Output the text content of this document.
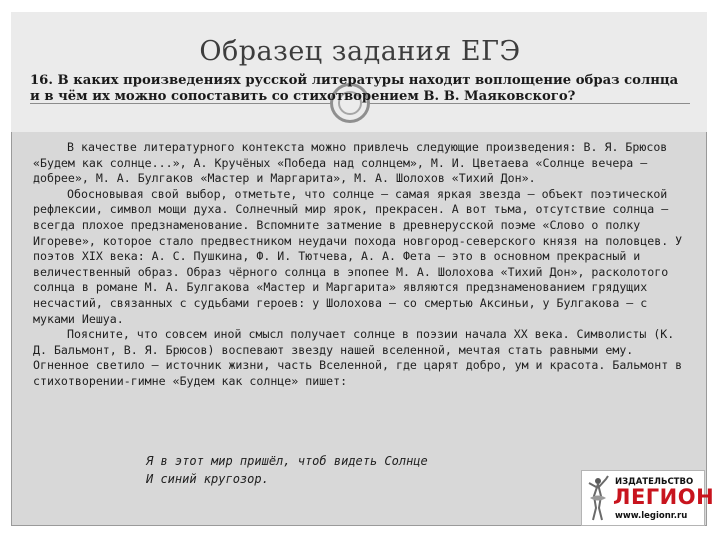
Образец задания ЕГЭ

16. В каких произведениях русской литературы находит воплощение образ солнца и в чём их можно сопоставить со стихотворением В. В. Маяковского?

В качестве литературного контекста можно привлечь следующие произведения: В. Я. Брюсов «Будем как солнце...», А. Кручёных «Победа над солнцем», М. И. Цветаева «Солнце вечера – добрее», М. А. Булгаков «Мастер и Маргарита», М. А. Шолохов «Тихий Дон».

Обосновывая свой выбор, отметьте, что солнце – самая яркая звезда – объект поэтической рефлексии, символ мощи духа. Солнечный мир ярок, прекрасен. А вот тьма, отсутствие солнца – всегда плохое предзнаменование. Вспомните затмение в древнерусской поэме «Слово о полку Игореве», которое стало предвестником неудачи похода новгород-северского князя на половцев. У поэтов XIX века: А. С. Пушкина, Ф. И. Тютчева, А. А. Фета – это в основном прекрасный и величественный образ. Образ чёрного солнца в эпопее М. А. Шолохова «Тихий Дон», расколотого солнца в романе М. А. Булгакова «Мастер и Маргарита» являются предзнаменованием грядущих несчастий, связанных с судьбами героев: у Шолохова – со смертью Аксиньи, у Булгакова – с муками Иешуа.

Поясните, что совсем иной смысл получает солнце в поэзии начала XX века. Символисты (К. Д. Бальмонт, В. Я. Брюсов) воспевают звезду нашей вселенной, мечтая стать равными ему. Огненное светило – источник жизни, часть Вселенной, где царят добро, ум и красота. Бальмонт в стихотворении-гимне «Будем как солнце» пишет:

Я в этот мир пришёл, чтоб видеть Солнце
И синий кругозор.	ИЗДАТЕЛЬСТВО
ЛЕГИОН
www.legionr.ru
